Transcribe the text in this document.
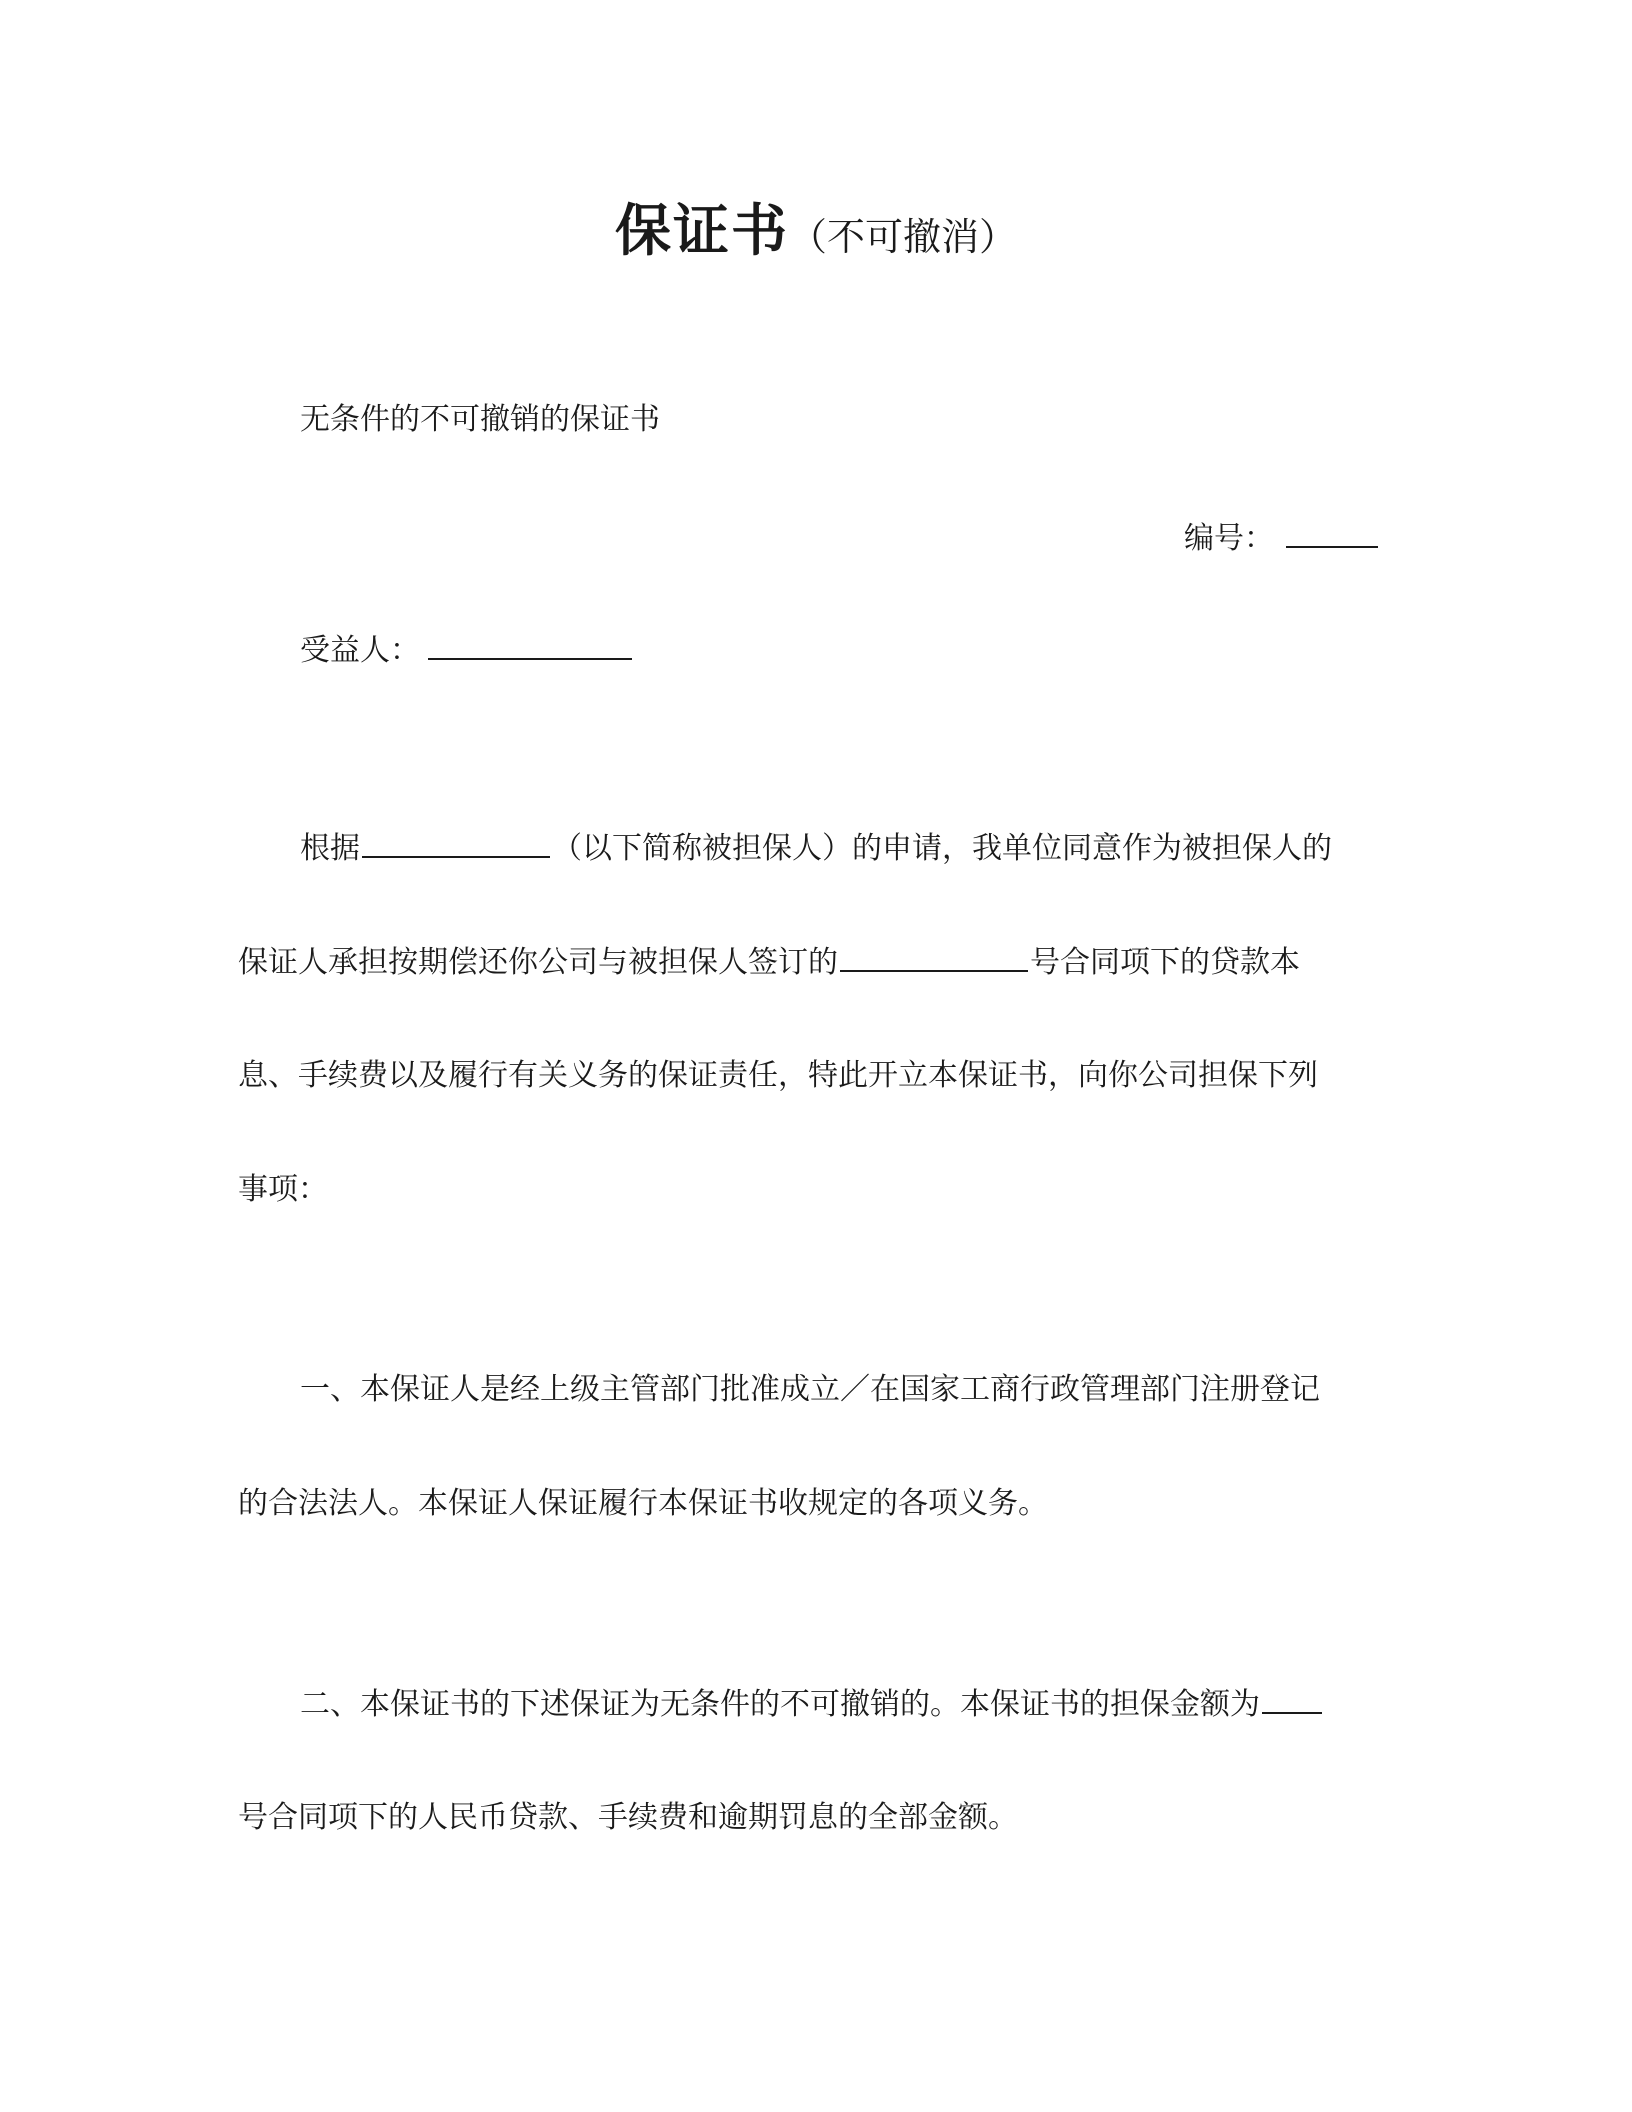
保证书（不可撤消）
无条件的不可撤销的保证书
编号：
受益人：
根据	（以下简称被担保人）的申请，我单位同意作为被担保人的
保证人承担按期偿还你公司与被担保人签订的	号合同项下的贷款本
息、手续费以及履行有关义务的保证责任，特此开立本保证书，向你公司担保下列
事项：
一、本保证人是经上级主管部门批准成立／在国家工商行政管理部门注册登记
的合法法人。本保证人保证履行本保证书收规定的各项义务。
二、本保证书的下述保证为无条件的不可撤销的。本保证书的担保金额为
号合同项下的人民币贷款、手续费和逾期罚息的全部金额。
